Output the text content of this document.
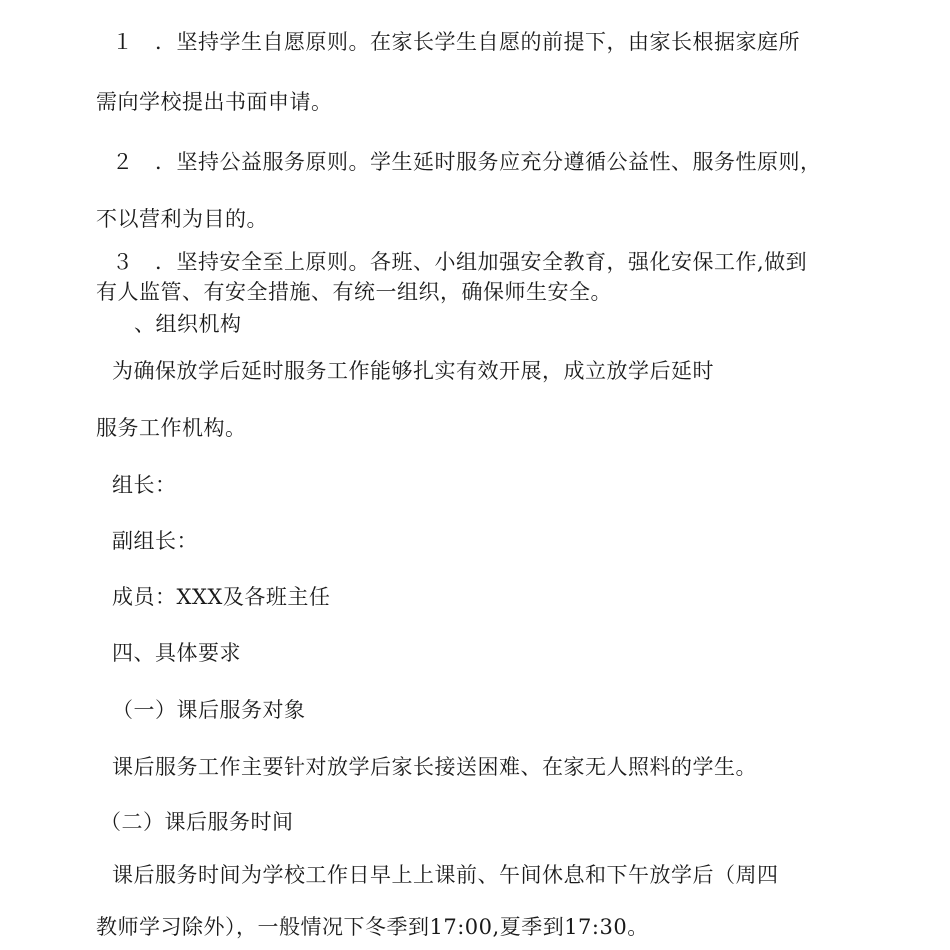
１　．坚持学生自愿原则。在家长学生自愿的前提下，由家长根据家庭所
需向学校提出书面申请。
２　．坚持公益服务原则。学生延时服务应充分遵循公益性、服务性原则，
不以营利为目的。
３　．坚持安全至上原则。各班、小组加强安全教育，强化安保工作,做到
有人监管、有安全措施、有统一组织，确保师生安全。
、组织机构
为确保放学后延时服务工作能够扎实有效开展，成立放学后延时
服务工作机构。
组长：
副组长：
成员：XXX及各班主任
四、具体要求
（一）课后服务对象
课后服务工作主要针对放学后家长接送困难、在家无人照料的学生。
（二）课后服务时间
课后服务时间为学校工作日早上上课前、午间休息和下午放学后（周四
教师学习除外），一般情况下冬季到17:00,夏季到17:30。
